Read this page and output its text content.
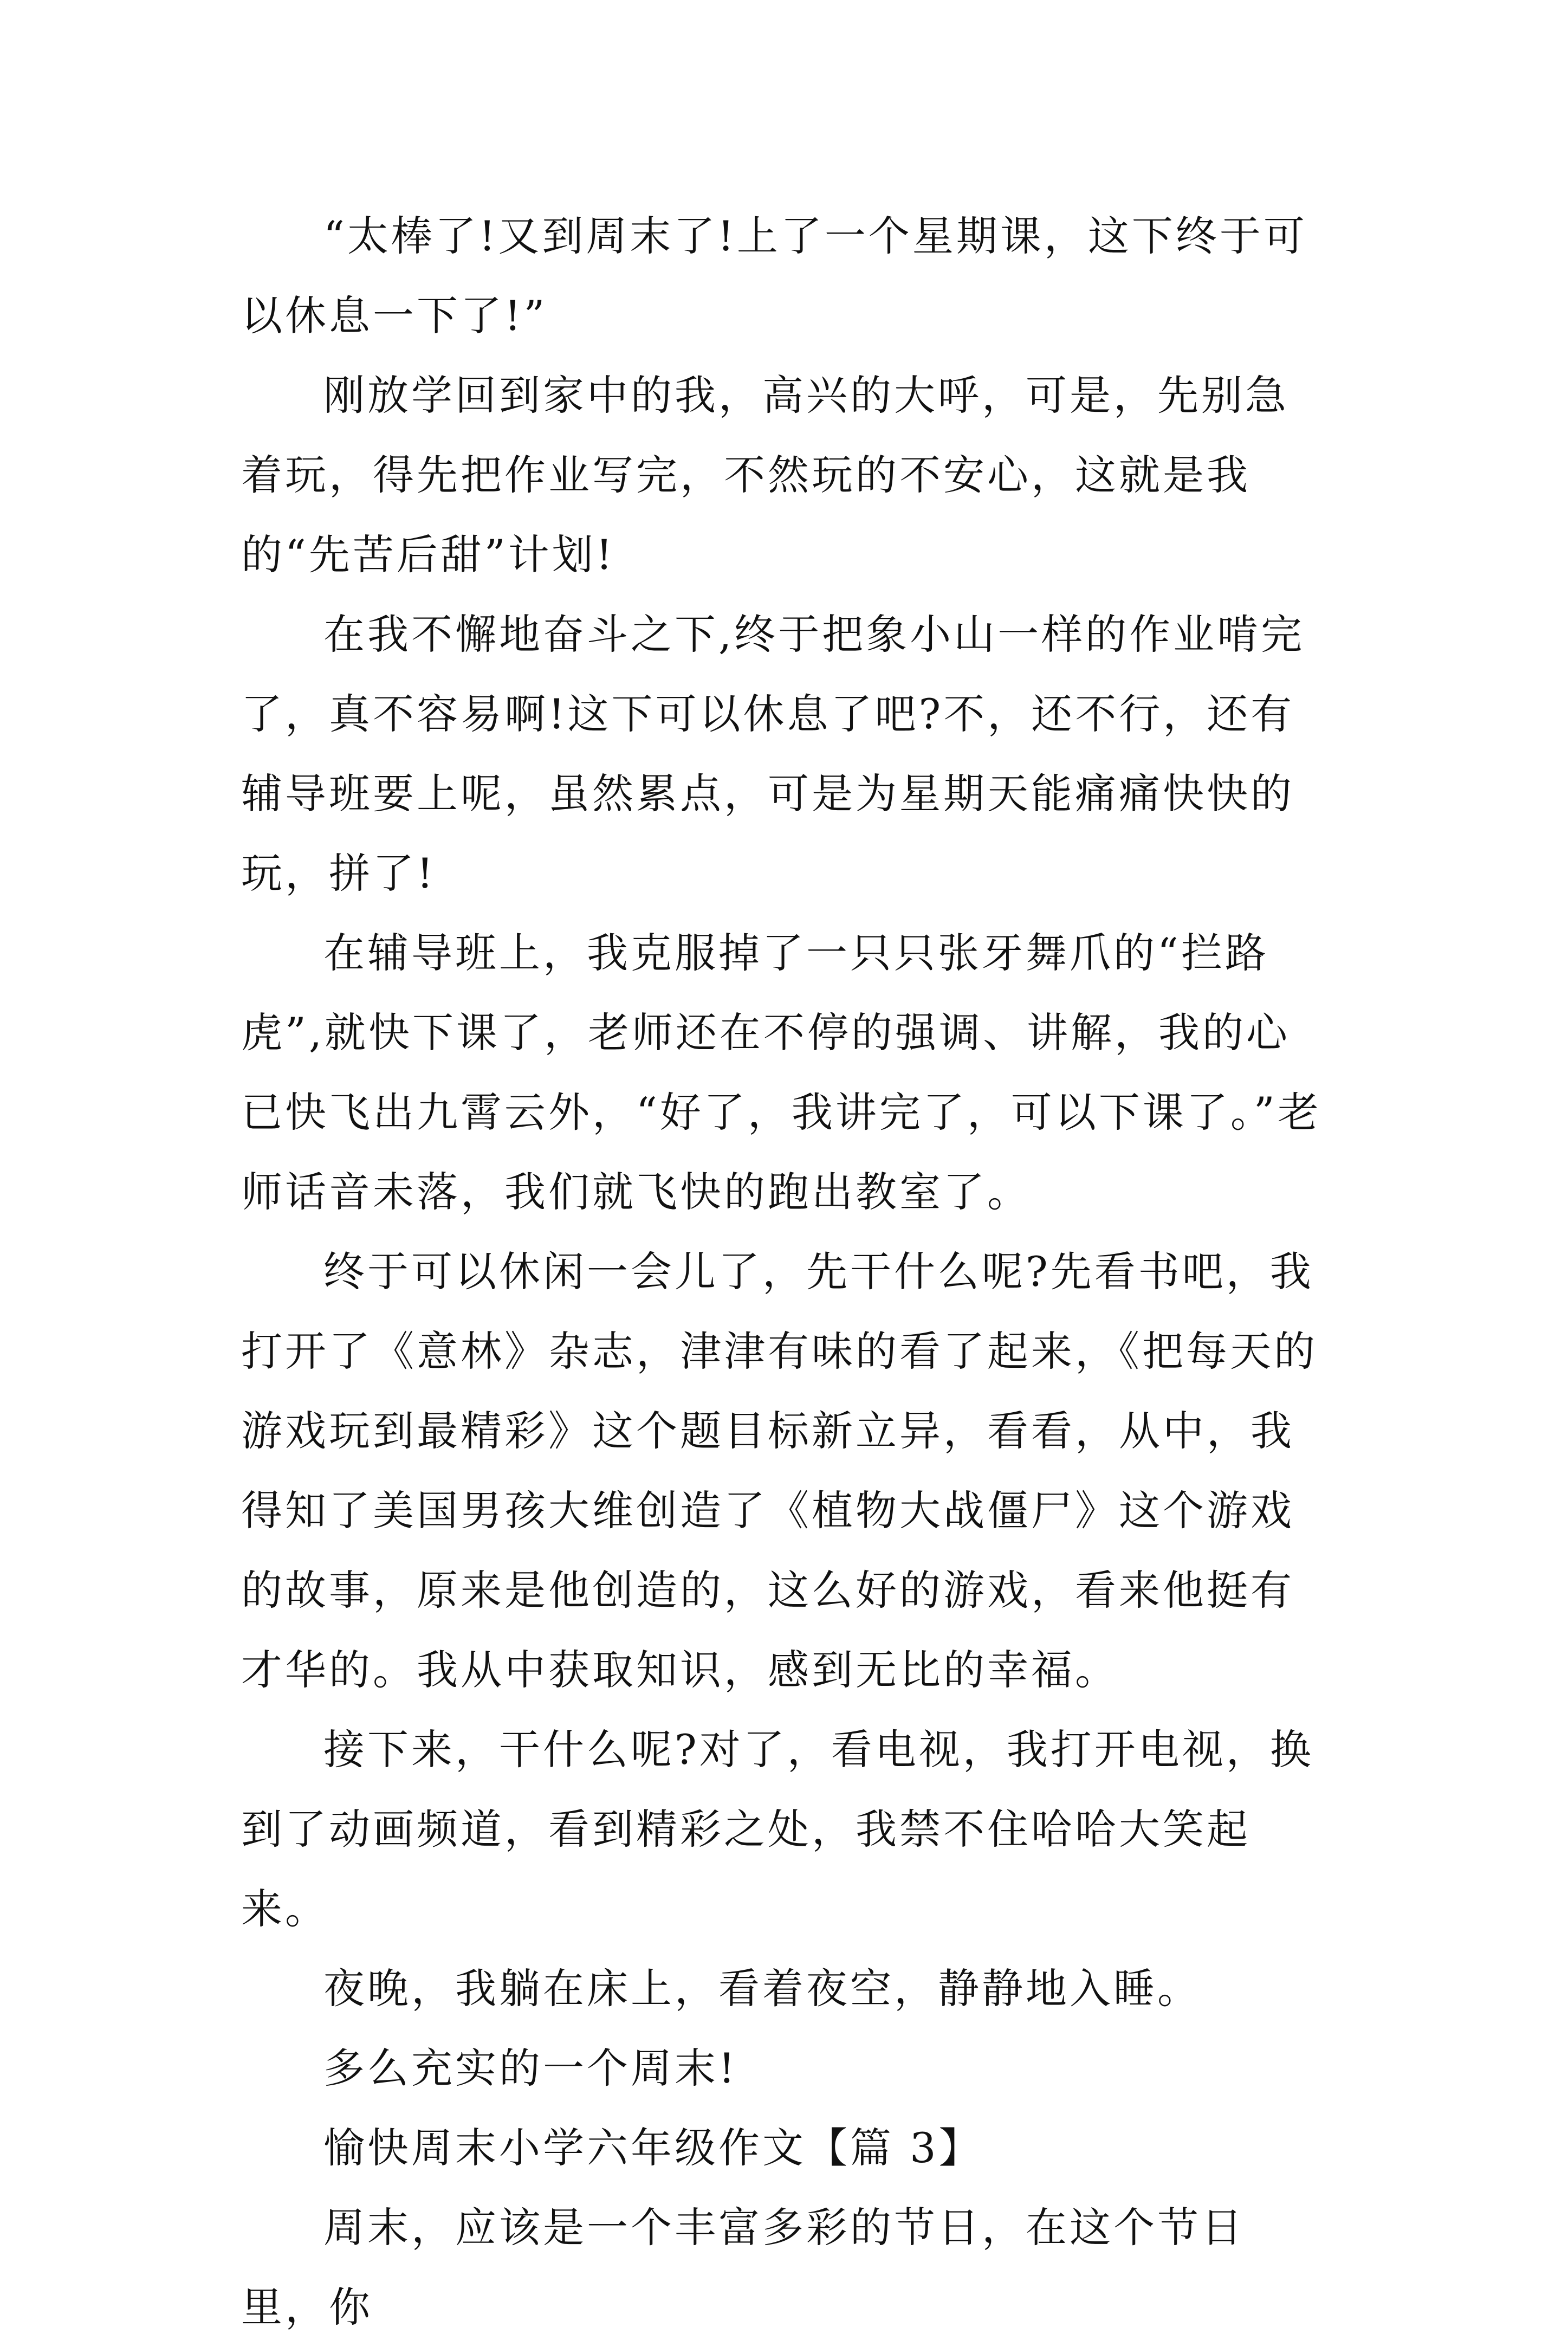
“太棒了!又到周末了!上了一个星期课，这下终于可以休息一下了!”

刚放学回到家中的我，高兴的大呼，可是，先别急着玩，得先把作业写完，不然玩的不安心，这就是我的“先苦后甜”计划!

在我不懈地奋斗之下,终于把象小山一样的作业啃完了，真不容易啊!这下可以休息了吧?不，还不行，还有辅导班要上呢，虽然累点，可是为星期天能痛痛快快的玩，拼了!

在辅导班上，我克服掉了一只只张牙舞爪的“拦路虎”,就快下课了，老师还在不停的强调、讲解，我的心已快飞出九霄云外，“好了，我讲完了，可以下课了。”老师话音未落，我们就飞快的跑出教室了。

终于可以休闲一会儿了，先干什么呢?先看书吧，我打开了《意林》杂志，津津有味的看了起来，《把每天的游戏玩到最精彩》这个题目标新立异，看看，从中，我得知了美国男孩大维创造了《植物大战僵尸》这个游戏的故事，原来是他创造的，这么好的游戏，看来他挺有才华的。我从中获取知识，感到无比的幸福。

接下来，干什么呢?对了，看电视，我打开电视，换到了动画频道，看到精彩之处，我禁不住哈哈大笑起来。

夜晚，我躺在床上，看着夜空，静静地入睡。

多么充实的一个周末!

愉快周末小学六年级作文【篇 3】

周末，应该是一个丰富多彩的节日，在这个节日里，你
